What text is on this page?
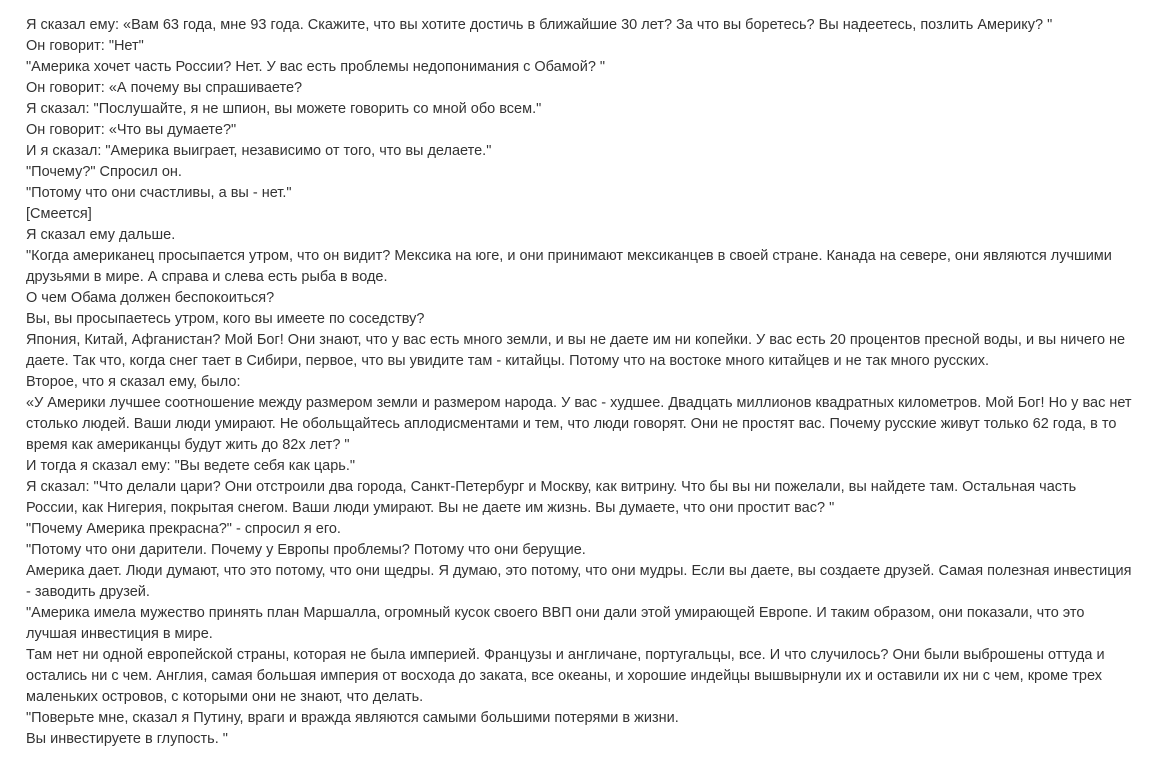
Я сказал ему: «Вам 63 года, мне 93 года. Скажите, что вы хотите достичь в ближайшие 30 лет? За что вы боретесь? Вы надеетесь, позлить Америку? "

Он говорит: "Нет"

"Америка хочет часть России? Нет. У вас есть проблемы недопонимания с Обамой? "

Он говорит: «А почему вы спрашиваете?

Я сказал: "Послушайте, я не шпион, вы можете говорить со мной обо всем."

Он говорит: «Что вы думаете?"

И я сказал: "Америка выиграет, независимо от того, что вы делаете."

"Почему?" Спросил он.

"Потому что они счастливы, а вы - нет."

[Смеется]

Я сказал ему дальше.

"Когда американец просыпается утром, что он видит? Мексика на юге, и они принимают мексиканцев в своей стране. Канада на севере, они являются лучшими друзьями в мире. А справа и слева есть рыба в воде.

О чем Обама должен беспокоиться?

Вы, вы просыпаетесь утром, кого вы имеете по соседству?

Япония, Китай, Афганистан? Мой Бог! Они знают, что у вас есть много земли, и вы не даете им ни копейки. У вас есть 20 процентов пресной воды, и вы ничего не даете. Так что, когда снег тает в Сибири, первое, что вы увидите там - китайцы. Потому что на востоке много китайцев и не так много русских.

Второе, что я сказал ему, было:

«У Америки лучшее соотношение между размером земли и размером народа. У вас - худшее. Двадцать миллионов квадратных километров. Мой Бог! Но у вас нет столько людей. Ваши люди умирают. Не обольщайтесь аплодисментами и тем, что люди говорят. Они не простят вас. Почему русские живут только 62 года, в то время как американцы будут жить до 82х лет? "

И тогда я сказал ему: "Вы ведете себя как царь."

Я сказал: "Что делали цари? Они отстроили два города, Санкт-Петербург и Москву, как витрину. Что бы вы ни пожелали, вы найдете там. Остальная часть России, как Нигерия, покрытая снегом. Ваши люди умирают. Вы не даете им жизнь. Вы думаете, что они простит вас? "

"Почему Америка прекрасна?" - спросил я его.

"Потому что они дарители. Почему у Европы проблемы? Потому что они берущие.

Америка дает. Люди думают, что это потому, что они щедры. Я думаю, это потому, что они мудры. Если вы даете, вы создаете друзей. Самая полезная инвестиция - заводить друзей.

"Америка имела мужество принять план Маршалла, огромный кусок своего ВВП они дали этой умирающей Европе. И таким образом, они показали, что это лучшая инвестиция в мире.

Там нет ни одной европейской страны, которая не была империей. Французы и англичане, португальцы, все. И что случилось? Они были выброшены оттуда и остались ни с чем. Англия, самая большая империя от восхода до заката, все океаны, и хорошие индейцы вышвырнули их и оставили их ни с чем, кроме трех маленьких островов, с которыми они не знают, что делать.

"Поверьте мне, сказал я Путину, враги и вражда являются самыми большими потерями в жизни.

Вы инвестируете в глупость. "
